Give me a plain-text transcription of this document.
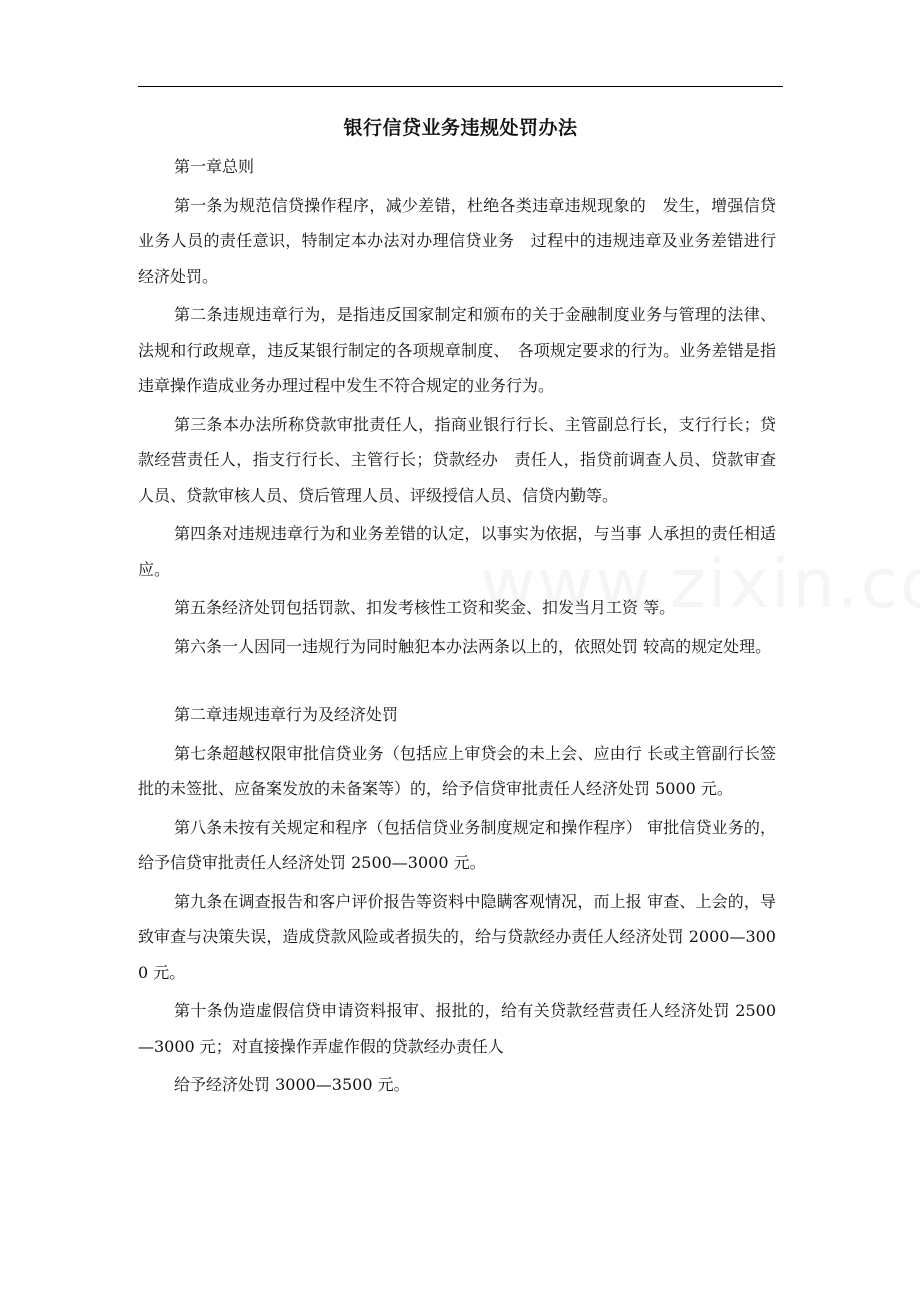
银行信贷业务违规处罚办法

第一章总则

第一条为规范信贷操作程序，减少差错，杜绝各类违章违规现象的　发生，增强信贷业务人员的责任意识，特制定本办法对办理信贷业务　过程中的违规违章及业务差错进行经济处罚。

第二条违规违章行为，是指违反国家制定和颁布的关于金融制度业务与管理的法律、法规和行政规章，违反某银行制定的各项规章制度、　各项规定要求的行为。业务差错是指违章操作造成业务办理过程中发生不符合规定的业务行为。

第三条本办法所称贷款审批责任人，指商业银行行长、主管副总行长，支行行长；贷款经营责任人，指支行行长、主管行长；贷款经办　责任人，指贷前调查人员、贷款审查人员、贷款审核人员、贷后管理人员、评级授信人员、信贷内勤等。

第四条对违规违章行为和业务差错的认定，以事实为依据，与当事 人承担的责任相适应。

第五条经济处罚包括罚款、扣发考核性工资和奖金、扣发当月工资 等。

第六条一人因同一违规行为同时触犯本办法两条以上的，依照处罚 较高的规定处理。

第二章违规违章行为及经济处罚

第七条超越权限审批信贷业务（包括应上审贷会的未上会、应由行 长或主管副行长签批的未签批、应备案发放的未备案等）的，给予信贷审批责任人经济处罚 5000 元。

第八条未按有关规定和程序（包括信贷业务制度规定和操作程序） 审批信贷业务的，给予信贷审批责任人经济处罚 2500—3000 元。

第九条在调查报告和客户评价报告等资料中隐瞒客观情况，而上报 审查、上会的，导致审查与决策失误，造成贷款风险或者损失的，给与贷款经办责任人经济处罚 2000—3000 元。

第十条伪造虚假信贷申请资料报审、报批的，给有关贷款经营责任人经济处罚 2500—3000 元；对直接操作弄虚作假的贷款经办责任人

给予经济处罚 3000—3500 元。
